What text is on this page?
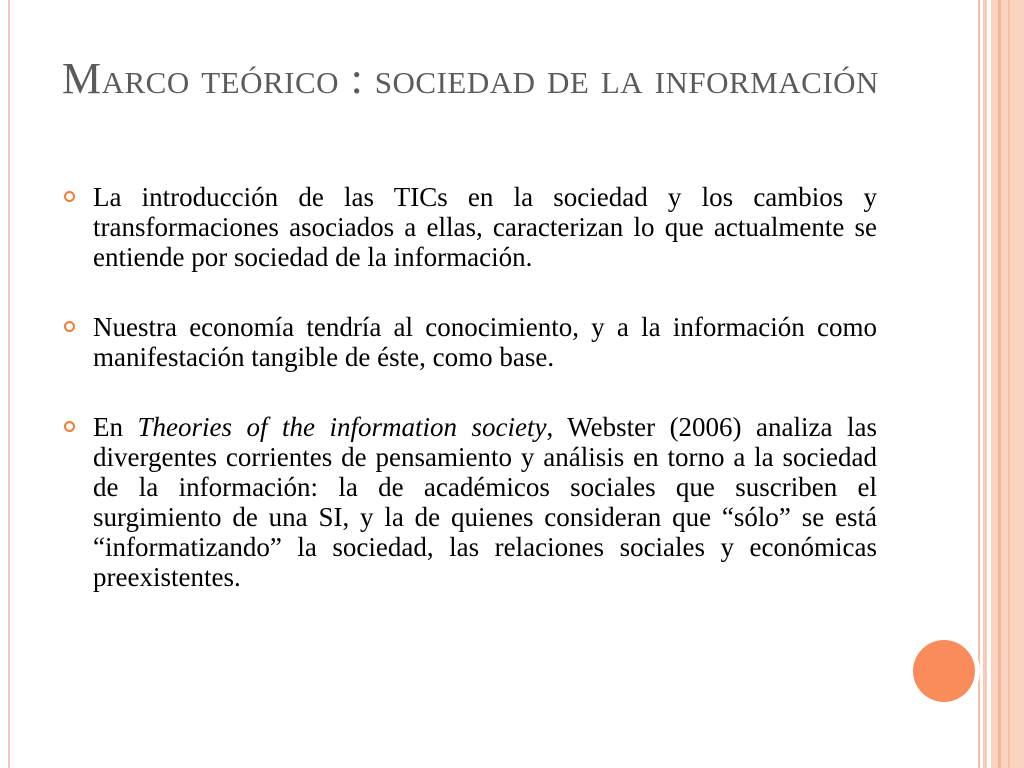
Marco teórico : sociedad de la información
La introducción de las TICs en la sociedad y los cambios y transformaciones asociados a ellas, caracterizan lo que actualmente se entiende por sociedad de la información.
Nuestra economía tendría al conocimiento, y a la información como manifestación tangible de éste, como base.
En Theories of the information society, Webster (2006) analiza las divergentes corrientes de pensamiento y análisis en torno a la sociedad de la información: la de académicos sociales que suscriben el surgimiento de una SI, y la de quienes consideran que “sólo” se está “informatizando” la sociedad, las relaciones sociales y económicas preexistentes.
